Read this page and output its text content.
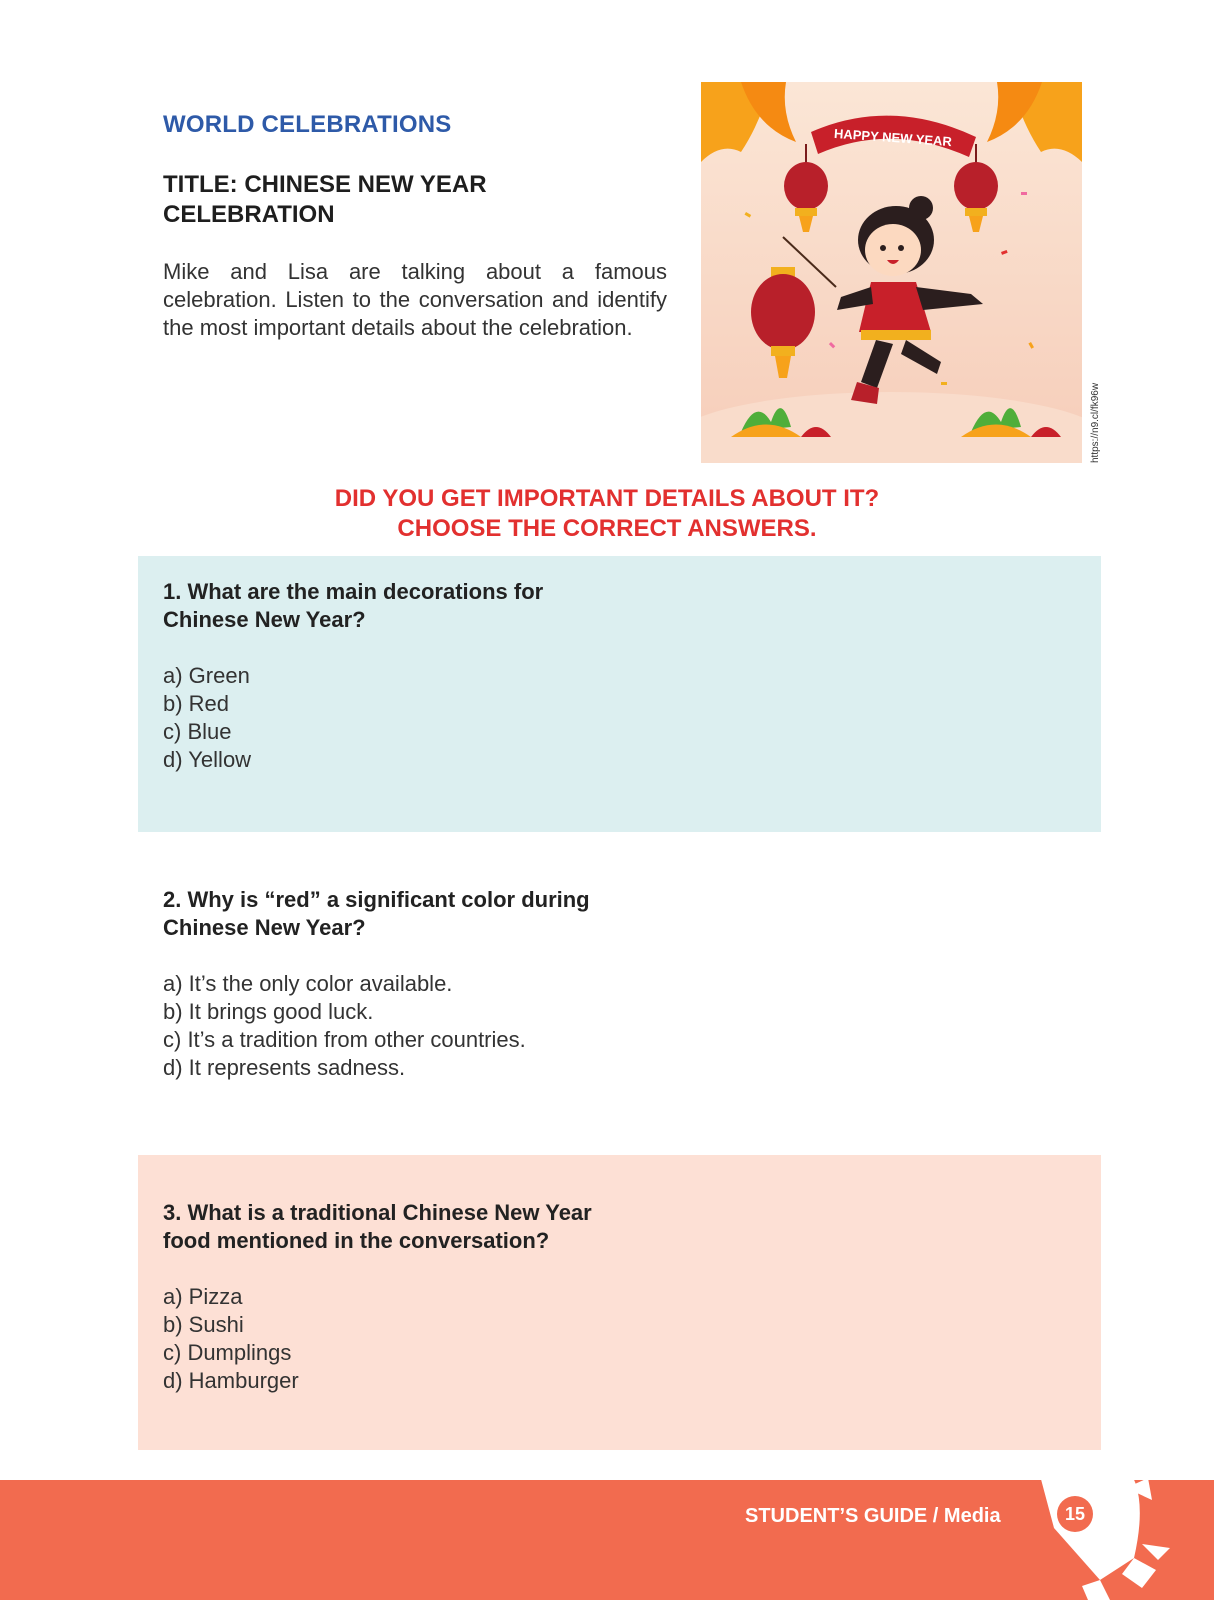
WORLD CELEBRATIONS
TITLE: CHINESE NEW YEAR CELEBRATION
Mike and Lisa are talking about a famous celebration. Listen to the conversation and identify the most important details about the celebration.
HAPPY NEW YEAR
https://n9.cl/fk96w
DID YOU GET IMPORTANT DETAILS ABOUT IT?
CHOOSE THE CORRECT ANSWERS.
1. What are the main decorations for Chinese New Year?
a) Green
b) Red
c) Blue
d) Yellow
2. Why is “red” a significant color during Chinese New Year?
a) It’s the only color available.
b) It brings good luck.
c) It’s a tradition from other countries.
d) It represents sadness.
3. What is a traditional Chinese New Year food mentioned in the conversation?
a) Pizza
b) Sushi
c) Dumplings
d) Hamburger
STUDENT’S GUIDE / Media	15
